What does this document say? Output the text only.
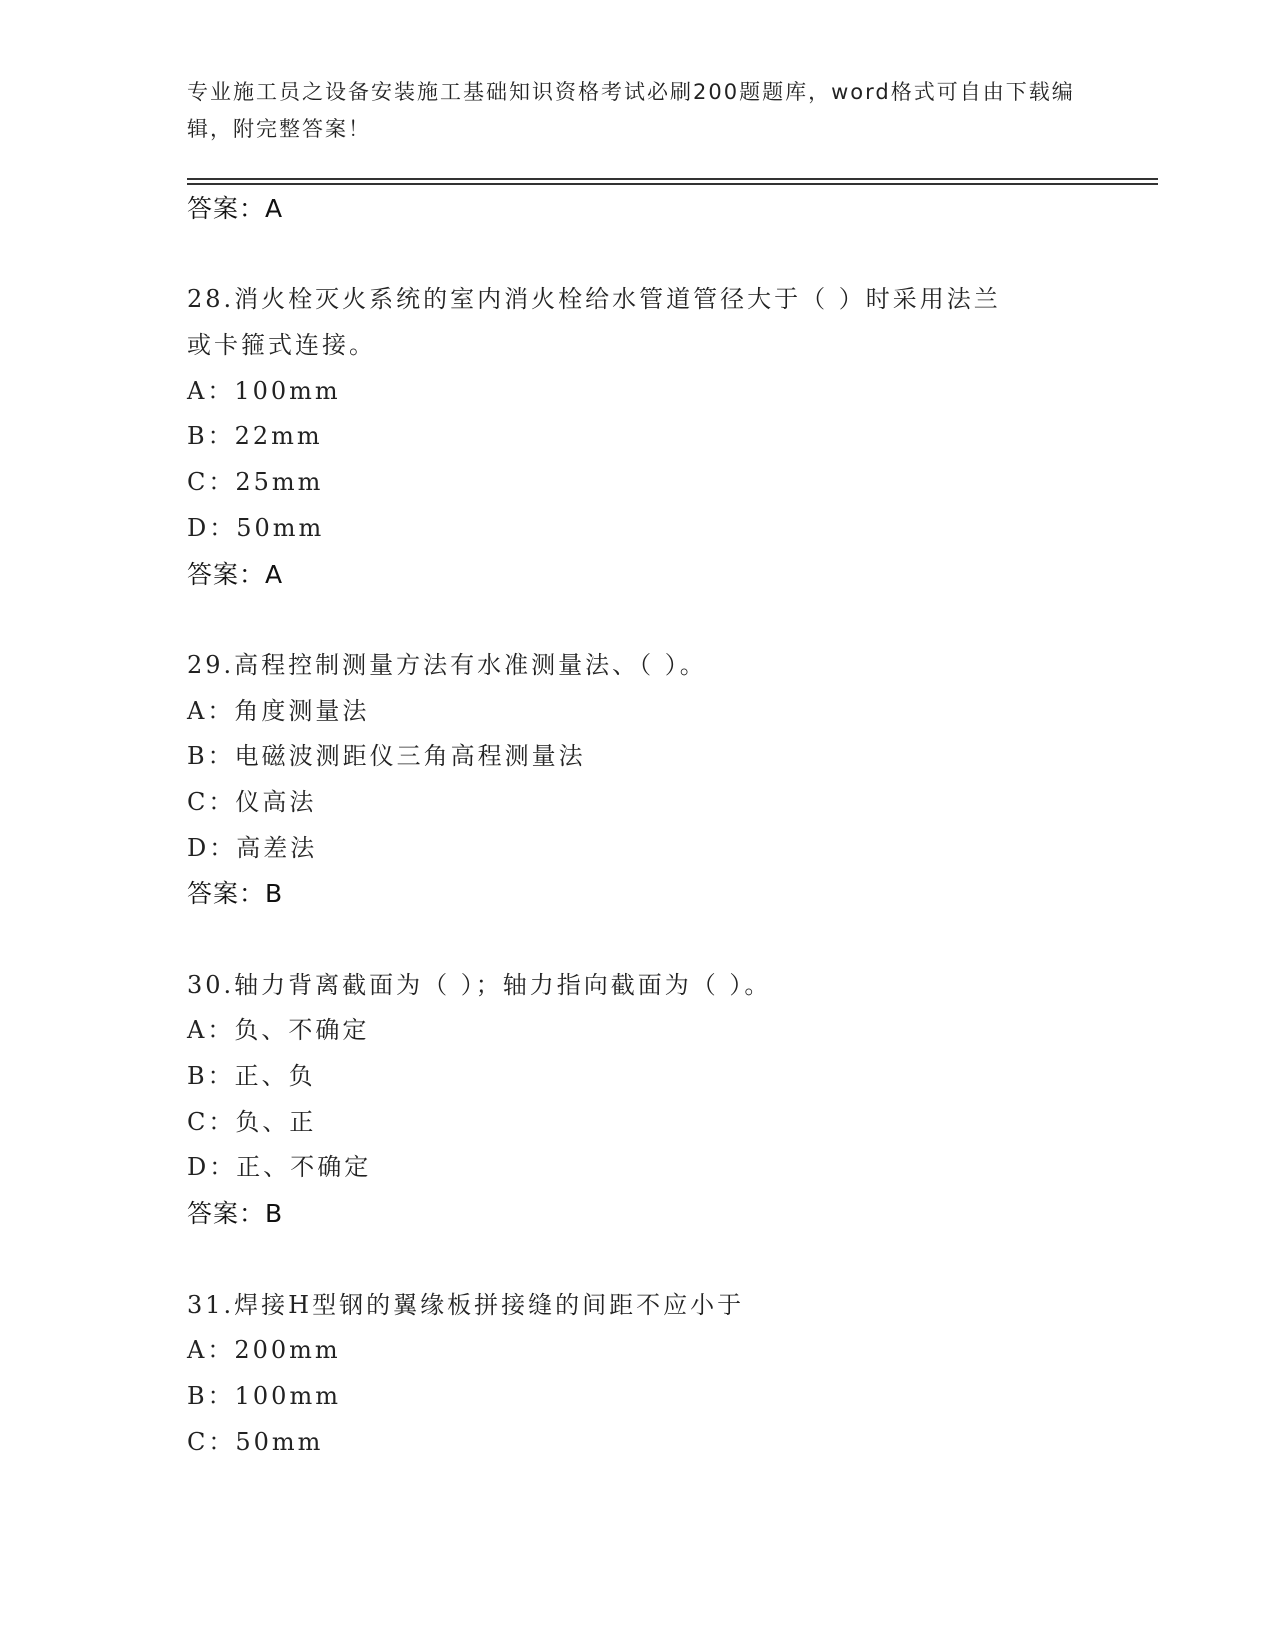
专业施工员之设备安装施工基础知识资格考试必刷200题题库，word格式可自由下载编辑，附完整答案！
答案：A
28.消火栓灭火系统的室内消火栓给水管道管径大于（ ）时采用法兰
或卡箍式连接。
A：100mm
B：22mm
C：25mm
D：50mm
答案：A
29.高程控制测量方法有水准测量法、（ ）。
A：角度测量法
B：电磁波测距仪三角高程测量法
C：仪高法
D：高差法
答案：B
30.轴力背离截面为（ ）；轴力指向截面为（ ）。
A：负、不确定
B：正、负
C：负、正
D：正、不确定
答案：B
31.焊接H型钢的翼缘板拼接缝的间距不应小于
A：200mm
B：100mm
C：50mm
